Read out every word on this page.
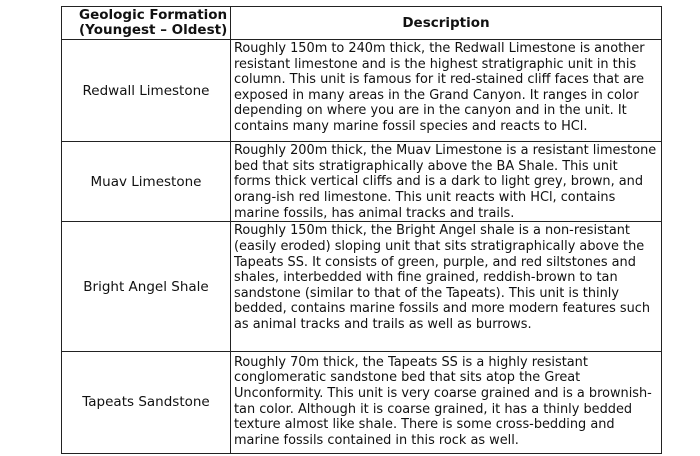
Geologic Formation
(Youngest – Oldest)	Description
Redwall Limestone	Roughly 150m to 240m thick, the Redwall Limestone is another resistant limestone and is the highest stratigraphic unit in this column. This unit is famous for it red-stained cliff faces that are exposed in many areas in the Grand Canyon. It ranges in color depending on where you are in the canyon and in the unit. It contains many marine fossil species and reacts to HCl.
Muav Limestone	Roughly 200m thick, the Muav Limestone is a resistant limestone bed that sits stratigraphically above the BA Shale. This unit forms thick vertical cliffs and is a dark to light grey, brown, and orang-ish red limestone. This unit reacts with HCl, contains marine fossils, has animal tracks and trails.
Bright Angel Shale	Roughly 150m thick, the Bright Angel shale is a non-resistant (easily eroded) sloping unit that sits stratigraphically above the Tapeats SS. It consists of green, purple, and red siltstones and shales, interbedded with fine grained, reddish-brown to tan sandstone (similar to that of the Tapeats). This unit is thinly bedded, contains marine fossils and more modern features such as animal tracks and trails as well as burrows.
Tapeats Sandstone	Roughly 70m thick, the Tapeats SS is a highly resistant conglomeratic sandstone bed that sits atop the Great Unconformity. This unit is very coarse grained and is a brownish-tan color. Although it is coarse grained, it has a thinly bedded texture almost like shale. There is some cross-bedding and marine fossils contained in this rock as well.
